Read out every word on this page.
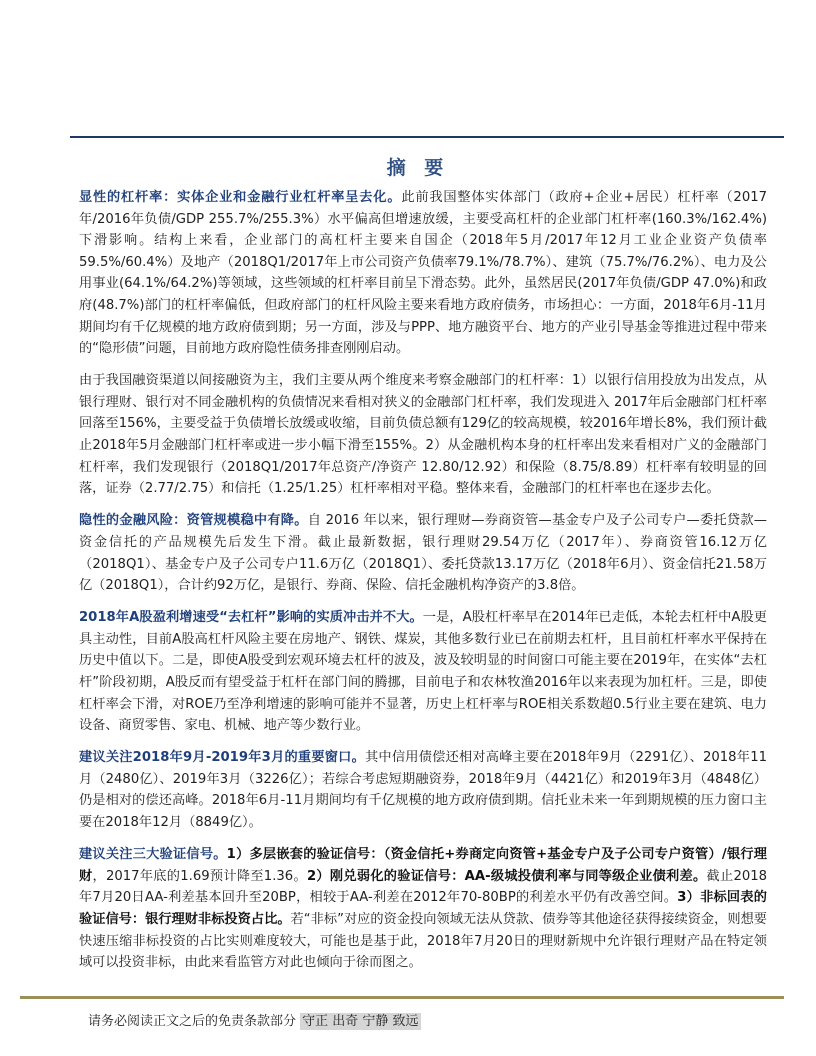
摘 要

显性的杠杆率：实体企业和金融行业杠杆率呈去化。此前我国整体实体部门（政府+企业+居民）杠杆率（2017年/2016年负债/GDP 255.7%/255.3%）水平偏高但增速放缓，主要受高杠杆的企业部门杠杆率(160.3%/162.4%)下滑影响。结构上来看，企业部门的高杠杆主要来自国企（2018年5月/2017年12月工业企业资产负债率59.5%/60.4%）及地产（2018Q1/2017年上市公司资产负债率79.1%/78.7%）、建筑（75.7%/76.2%）、电力及公用事业(64.1%/64.2%)等领域，这些领域的杠杆率目前呈下滑态势。此外，虽然居民(2017年负债/GDP 47.0%)和政府(48.7%)部门的杠杆率偏低，但政府部门的杠杆风险主要来看地方政府债务，市场担心：一方面，2018年6月-11月期间均有千亿规模的地方政府债到期；另一方面，涉及与PPP、地方融资平台、地方的产业引导基金等推进过程中带来的“隐形债”问题，目前地方政府隐性债务排查刚刚启动。

由于我国融资渠道以间接融资为主，我们主要从两个维度来考察金融部门的杠杆率：1）以银行信用投放为出发点，从银行理财、银行对不同金融机构的负债情况来看相对狭义的金融部门杠杆率，我们发现进入 2017年后金融部门杠杆率回落至156%，主要受益于负债增长放缓或收缩，目前负债总额有129亿的较高规模，较2016年增长8%，我们预计截止2018年5月金融部门杠杆率或进一步小幅下滑至155%。2）从金融机构本身的杠杆率出发来看相对广义的金融部门杠杆率，我们发现银行（2018Q1/2017年总资产/净资产 12.80/12.92）和保险（8.75/8.89）杠杆率有较明显的回落，证券（2.77/2.75）和信托（1.25/1.25）杠杆率相对平稳。整体来看，金融部门的杠杆率也在逐步去化。

隐性的金融风险：资管规模稳中有降。自 2016 年以来，银行理财—券商资管—基金专户及子公司专户—委托贷款—资金信托的产品规模先后发生下滑。截止最新数据，银行理财29.54万亿（2017年）、券商资管16.12万亿（2018Q1）、基金专户及子公司专户11.6万亿（2018Q1）、委托贷款13.17万亿（2018年6月）、资金信托21.58万亿（2018Q1），合计约92万亿，是银行、券商、保险、信托金融机构净资产的3.8倍。

2018年A股盈利增速受“去杠杆”影响的实质冲击并不大。一是，A股杠杆率早在2014年已走低，本轮去杠杆中A股更具主动性，目前A股高杠杆风险主要在房地产、钢铁、煤炭，其他多数行业已在前期去杠杆，且目前杠杆率水平保持在历史中值以下。二是，即使A股受到宏观环境去杠杆的波及，波及较明显的时间窗口可能主要在2019年，在实体“去杠杆”阶段初期，A股反而有望受益于杠杆在部门间的腾挪，目前电子和农林牧渔2016年以来表现为加杠杆。三是，即使杠杆率会下滑，对ROE乃至净利增速的影响可能并不显著，历史上杠杆率与ROE相关系数超0.5行业主要在建筑、电力设备、商贸零售、家电、机械、地产等少数行业。

建议关注2018年9月-2019年3月的重要窗口。其中信用债偿还相对高峰主要在2018年9月（2291亿）、2018年11月（2480亿）、2019年3月（3226亿）；若综合考虑短期融资券，2018年9月（4421亿）和2019年3月（4848亿）仍是相对的偿还高峰。2018年6月-11月期间均有千亿规模的地方政府债到期。信托业未来一年到期规模的压力窗口主要在2018年12月（8849亿）。

建议关注三大验证信号。1）多层嵌套的验证信号：（资金信托+券商定向资管+基金专户及子公司专户资管）/银行理财，2017年底的1.69预计降至1.36。2）刚兑弱化的验证信号：AA-级城投债利率与同等级企业债利差。截止2018年7月20日AA-利差基本回升至20BP，相较于AA-利差在2012年70-80BP的利差水平仍有改善空间。3）非标回表的验证信号：银行理财非标投资占比。若“非标”对应的资金投向领域无法从贷款、债券等其他途径获得接续资金，则想要快速压缩非标投资的占比实则难度较大，可能也是基于此，2018年7月20日的理财新规中允许银行理财产品在特定领域可以投资非标，由此来看监管方对此也倾向于徐而图之。

请务必阅读正文之后的免责条款部分 守正 出奇 宁静 致远
